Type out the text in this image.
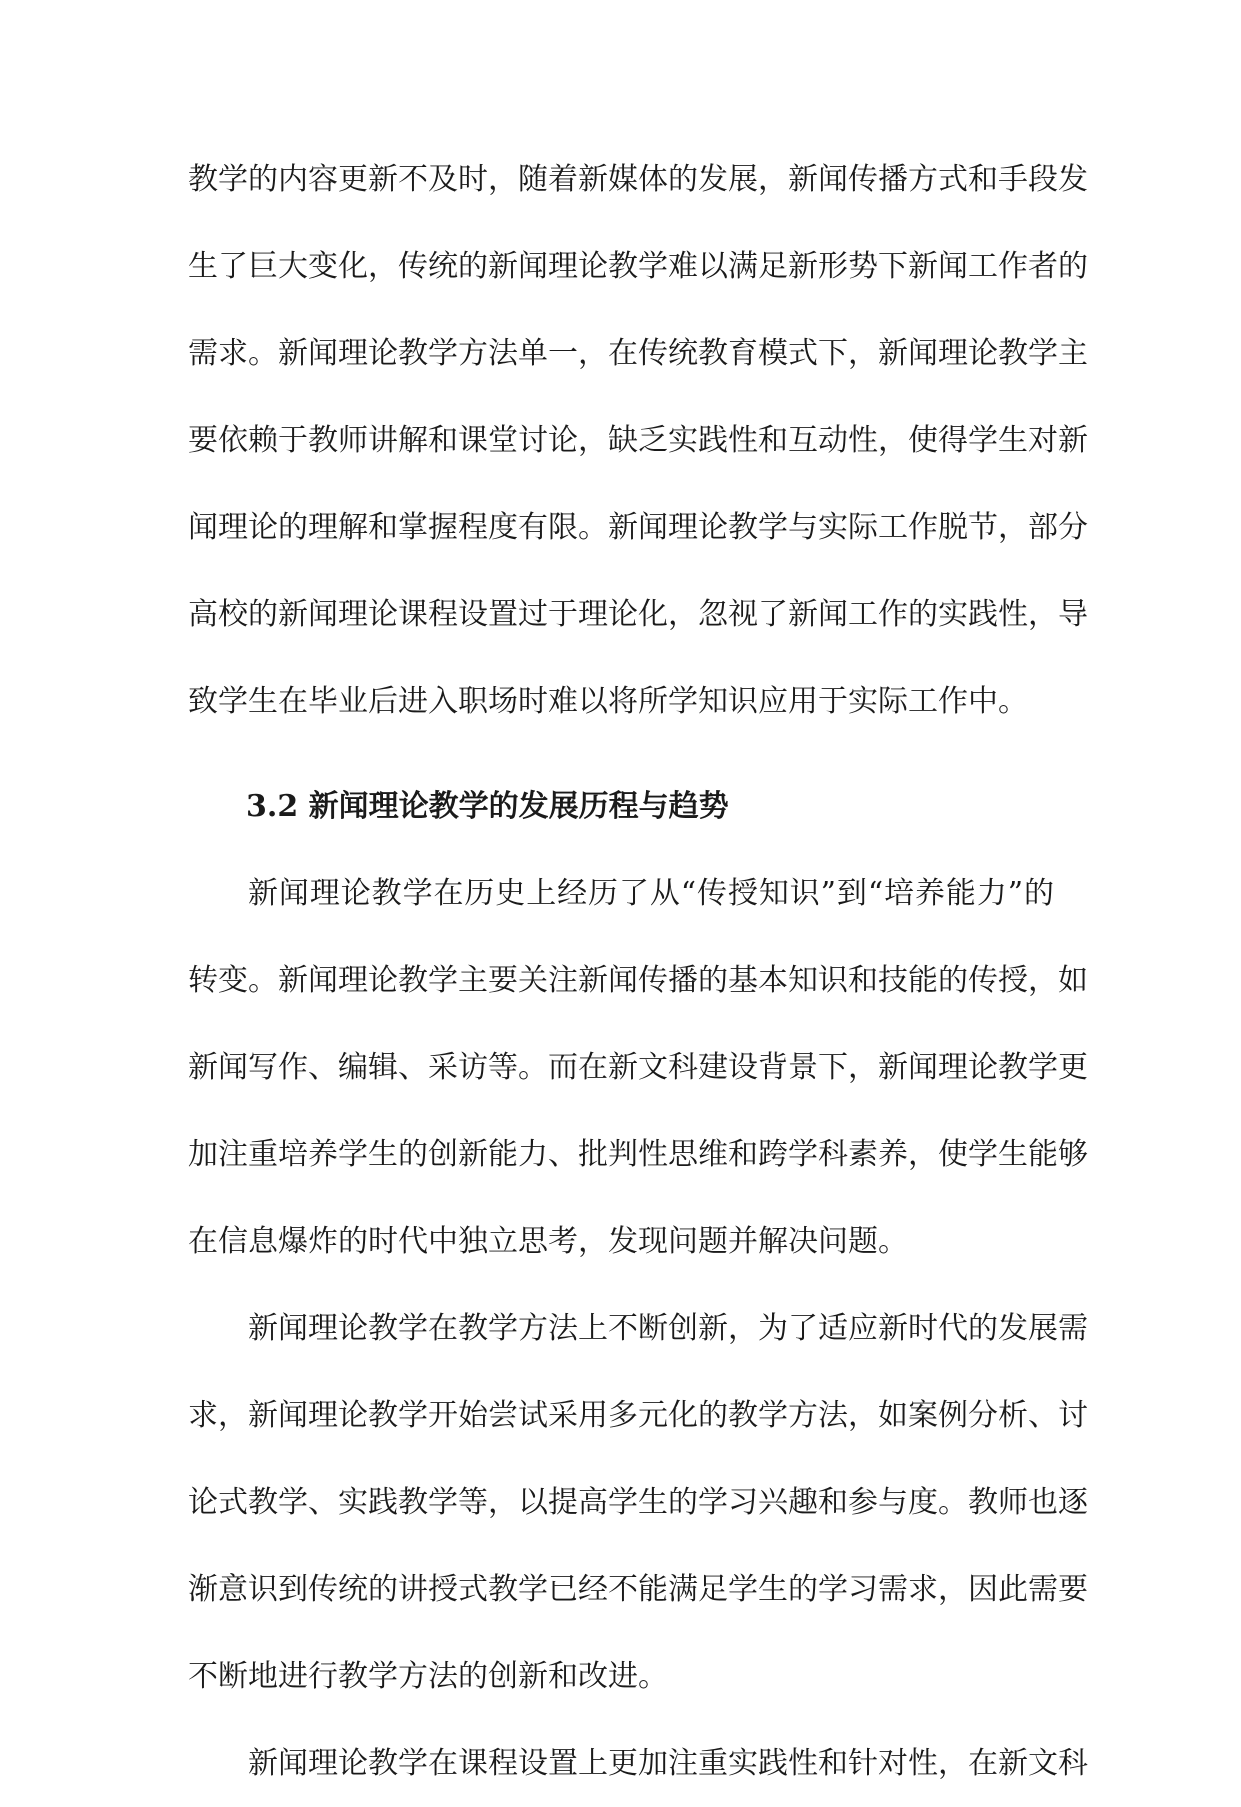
教学的内容更新不及时，随着新媒体的发展，新闻传播方式和手段发
生了巨大变化，传统的新闻理论教学难以满足新形势下新闻工作者的
需求。新闻理论教学方法单一，在传统教育模式下，新闻理论教学主
要依赖于教师讲解和课堂讨论，缺乏实践性和互动性，使得学生对新
闻理论的理解和掌握程度有限。新闻理论教学与实际工作脱节，部分
高校的新闻理论课程设置过于理论化，忽视了新闻工作的实践性，导
致学生在毕业后进入职场时难以将所学知识应用于实际工作中。
3.2 新闻理论教学的发展历程与趋势
新闻理论教学在历史上经历了从“传授知识”到“培养能力”的
转变。新闻理论教学主要关注新闻传播的基本知识和技能的传授，如
新闻写作、编辑、采访等。而在新文科建设背景下，新闻理论教学更
加注重培养学生的创新能力、批判性思维和跨学科素养，使学生能够
在信息爆炸的时代中独立思考，发现问题并解决问题。
新闻理论教学在教学方法上不断创新，为了适应新时代的发展需
求，新闻理论教学开始尝试采用多元化的教学方法，如案例分析、讨
论式教学、实践教学等，以提高学生的学习兴趣和参与度。教师也逐
渐意识到传统的讲授式教学已经不能满足学生的学习需求，因此需要
不断地进行教学方法的创新和改进。
新闻理论教学在课程设置上更加注重实践性和针对性，在新文科
